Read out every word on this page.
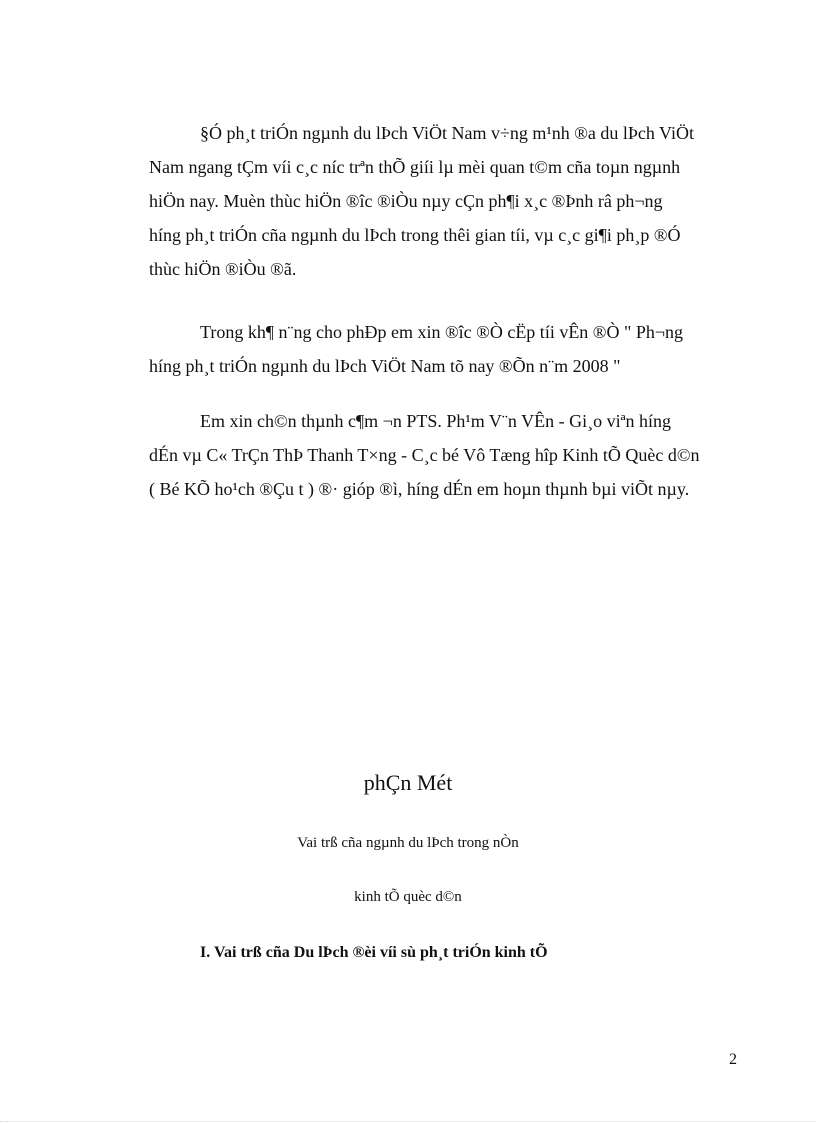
§Ó ph¸t triÓn ngµnh du lÞch ViÖt Nam v÷ng m¹nh ®a du lÞch ViÖt
Nam ngang tÇm víi c¸c níc trªn thÕ giíi lµ mèi quan t©m cña toµn ngµnh
hiÖn nay. Muèn thùc hiÖn ®îc ®iÒu nµy cÇn ph¶i x¸c ®Þnh râ ph¬ng
híng ph¸t triÓn cña ngµnh du lÞch trong thêi gian tíi, vµ c¸c gi¶i ph¸p ®Ó
thùc hiÖn ®iÒu ®ã.

Trong kh¶ n¨ng cho phÐp em xin ®îc ®Ò cËp tíi vÊn ®Ò " Ph¬ng
híng ph¸t triÓn ngµnh du lÞch ViÖt Nam tõ nay ®Õn n¨m 2008 "

Em xin ch©n thµnh c¶m ¬n PTS. Ph¹m V¨n VÊn - Gi¸o viªn híng
dÉn vµ C« TrÇn ThÞ Thanh T×ng - C¸c bé Vô Tæng hîp Kinh tÕ Quèc d©n
( Bé KÕ ho¹ch ®Çu t ) ®· gióp ®ì, híng dÉn em hoµn thµnh bµi viÕt nµy.

phÇn Mét

Vai trß cña ngµnh du lÞch trong nÒn

kinh tÕ quèc d©n

I. Vai trß cña Du lÞch ®èi víi sù ph¸t triÓn kinh tÕ
2
